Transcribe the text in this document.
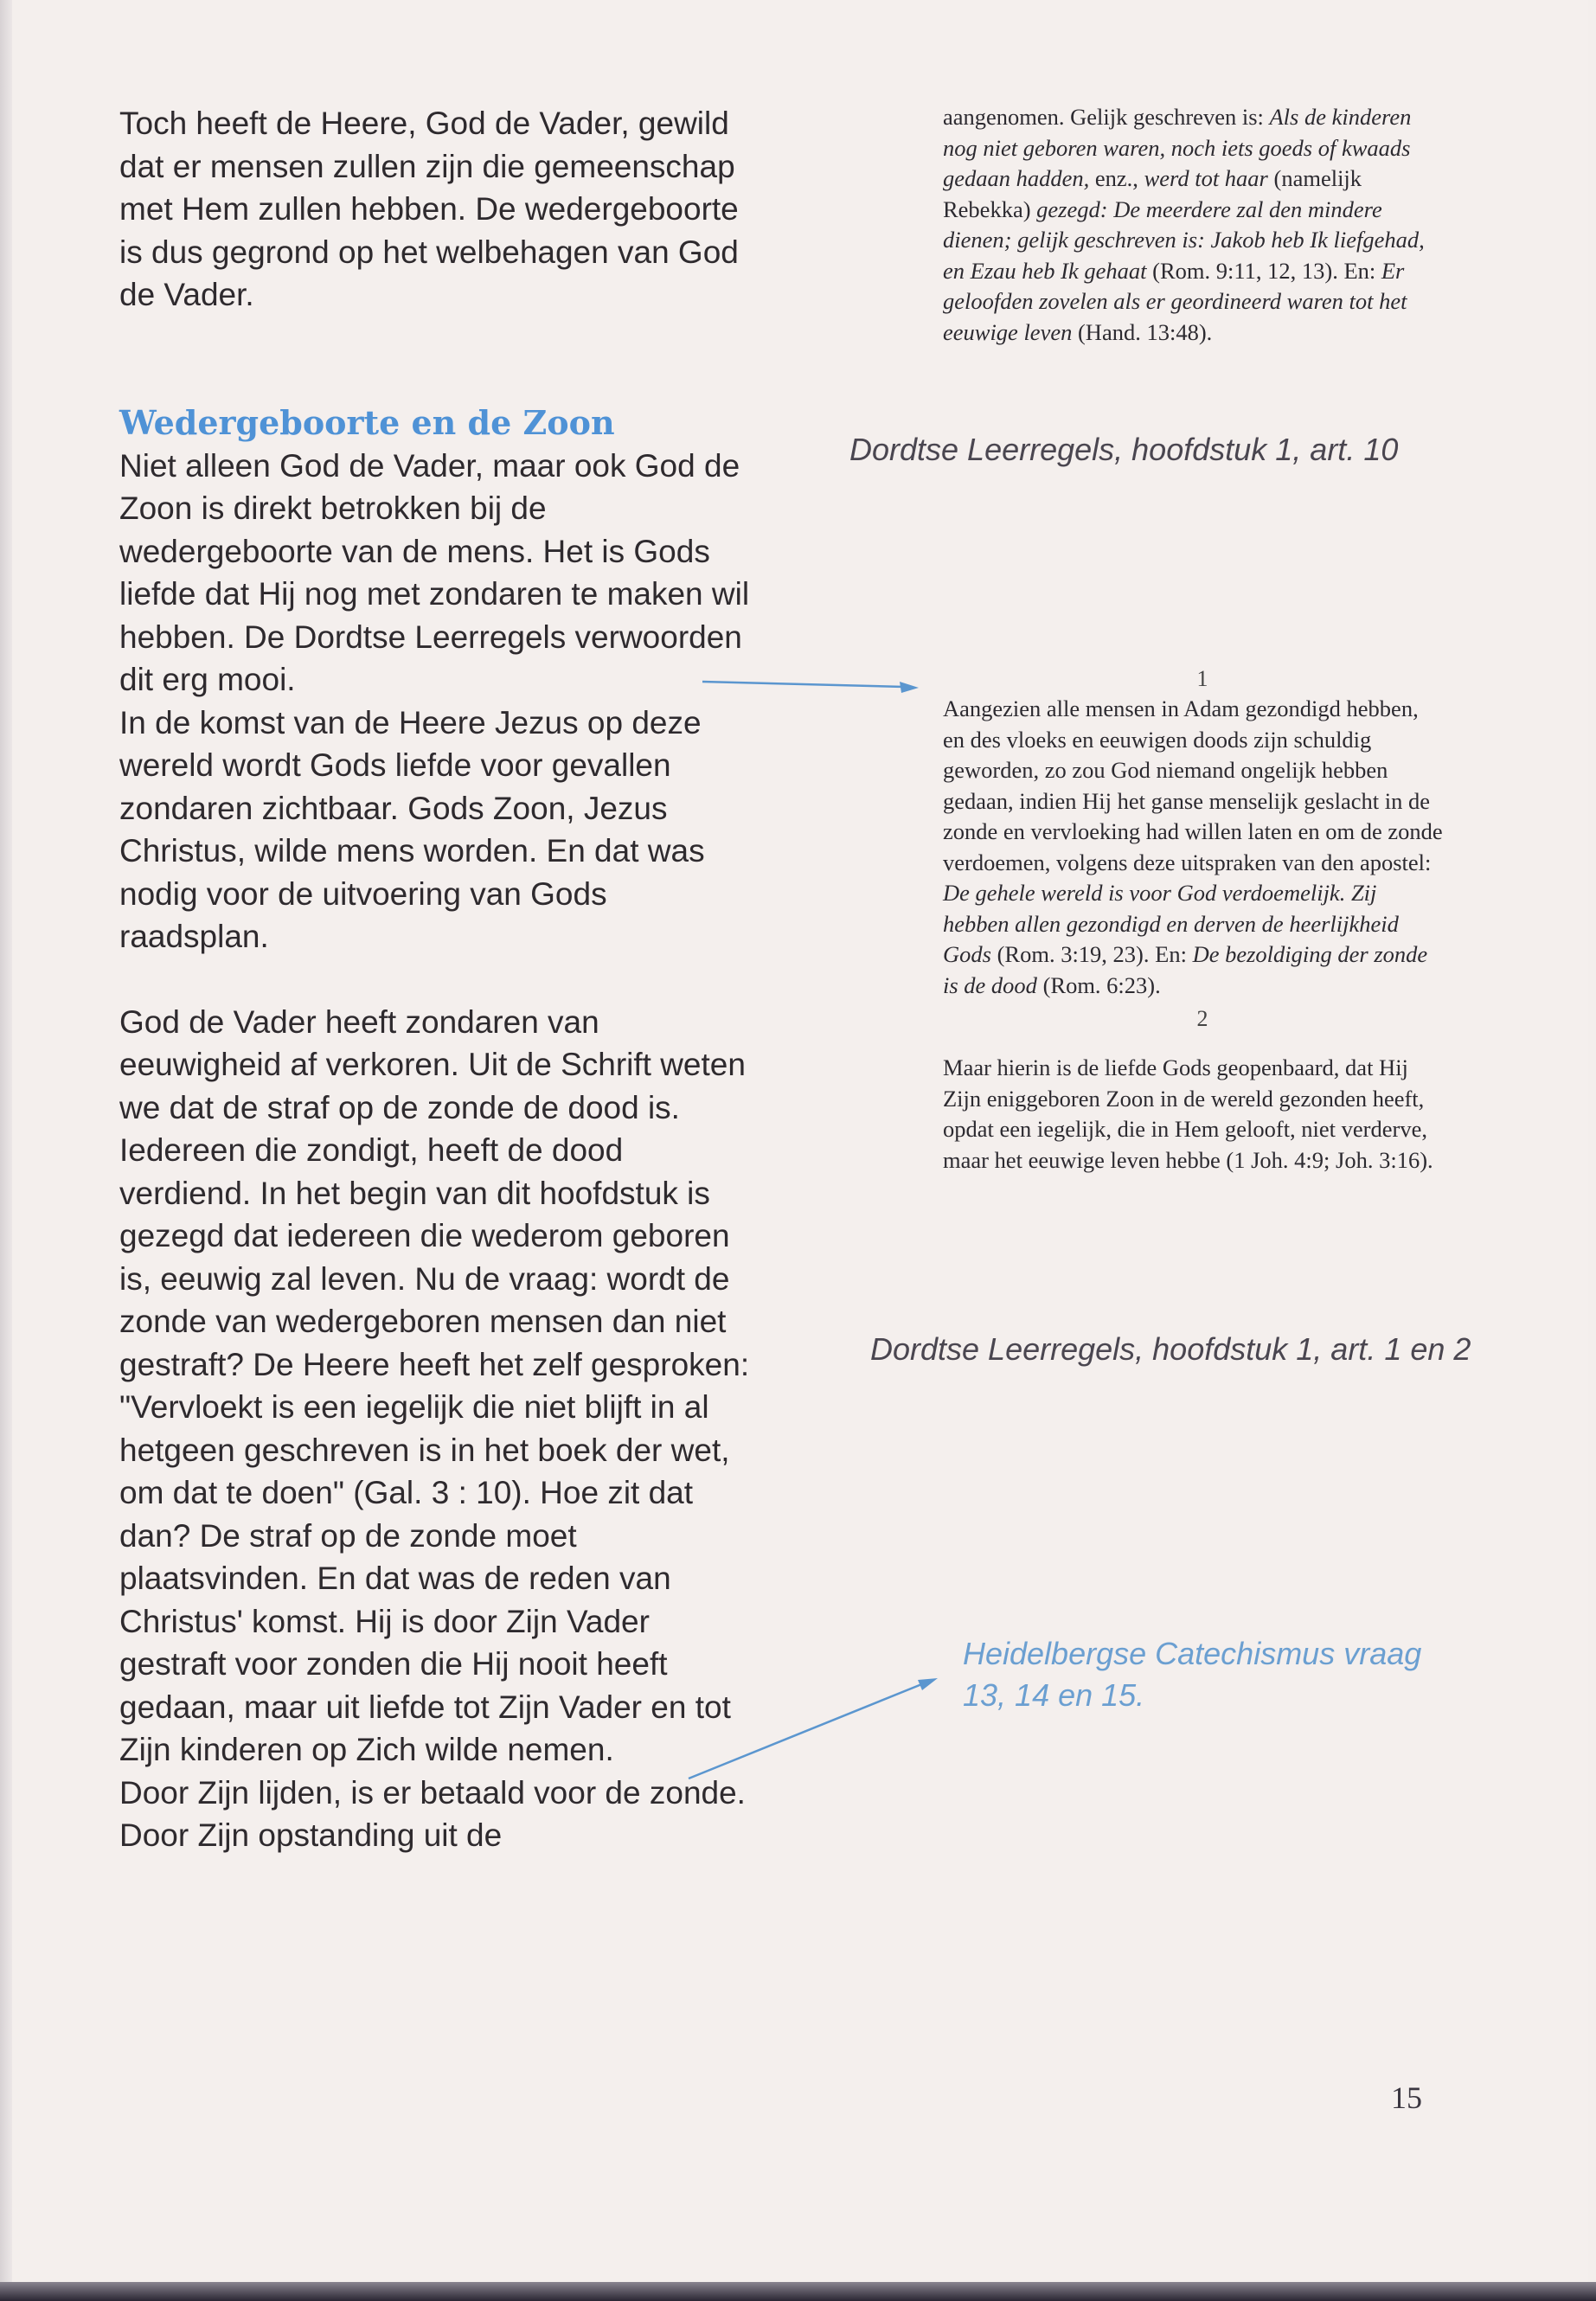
Toch heeft de Heere, God de Vader, gewild dat er mensen zullen zijn die gemeenschap met Hem zullen hebben. De wedergeboorte is dus gegrond op het welbehagen van God de Vader.

Wedergeboorte en de Zoon

Niet alleen God de Vader, maar ook God de Zoon is direkt betrokken bij de wedergeboorte van de mens. Het is Gods liefde dat Hij nog met zondaren te maken wil hebben. De Dordtse Leerregels verwoorden dit erg mooi.

In de komst van de Heere Jezus op deze wereld wordt Gods liefde voor gevallen zondaren zichtbaar. Gods Zoon, Jezus Christus, wilde mens worden. En dat was nodig voor de uitvoering van Gods raadsplan.

God de Vader heeft zondaren van eeuwigheid af verkoren. Uit de Schrift weten we dat de straf op de zonde de dood is. Iedereen die zondigt, heeft de dood verdiend. In het begin van dit hoofdstuk is gezegd dat iedereen die wederom geboren is, eeuwig zal leven. Nu de vraag: wordt de zonde van wedergeboren mensen dan niet gestraft? De Heere heeft het zelf gesproken: "Vervloekt is een iegelijk die niet blijft in al hetgeen geschreven is in het boek der wet, om dat te doen" (Gal. 3 : 10). Hoe zit dat dan? De straf op de zonde moet plaatsvinden. En dat was de reden van Christus' komst. Hij is door Zijn Vader gestraft voor zonden die Hij nooit heeft gedaan, maar uit liefde tot Zijn Vader en tot Zijn kinderen op Zich wilde nemen.

Door Zijn lijden, is er betaald voor de zonde. Door Zijn opstanding uit de

aangenomen. Gelijk geschreven is: Als de kinderen nog niet geboren waren, noch iets goeds of kwaads gedaan hadden, enz., werd tot haar (namelijk Rebekka) gezegd: De meerdere zal den mindere dienen; gelijk geschreven is: Jakob heb Ik liefgehad, en Ezau heb Ik gehaat (Rom. 9:11, 12, 13). En: Er geloofden zovelen als er geordineerd waren tot het eeuwige leven (Hand. 13:48).

Dordtse Leerregels, hoofdstuk 1, art. 10

1

Aangezien alle mensen in Adam gezondigd hebben, en des vloeks en eeuwigen doods zijn schuldig geworden, zo zou God niemand ongelijk hebben gedaan, indien Hij het ganse menselijk geslacht in de zonde en vervloeking had willen laten en om de zonde verdoemen, volgens deze uitspraken van den apostel: De gehele wereld is voor God verdoemelijk. Zij hebben allen gezondigd en derven de heerlijkheid Gods (Rom. 3:19, 23). En: De bezoldiging der zonde is de dood (Rom. 6:23).

2

Maar hierin is de liefde Gods geopenbaard, dat Hij Zijn eniggeboren Zoon in de wereld gezonden heeft, opdat een iegelijk, die in Hem gelooft, niet verderve, maar het eeuwige leven hebbe (1 Joh. 4:9; Joh. 3:16).

Dordtse Leerregels, hoofdstuk 1, art. 1 en 2
Heidelbergse Catechismus vraag 13, 14 en 15.
15
